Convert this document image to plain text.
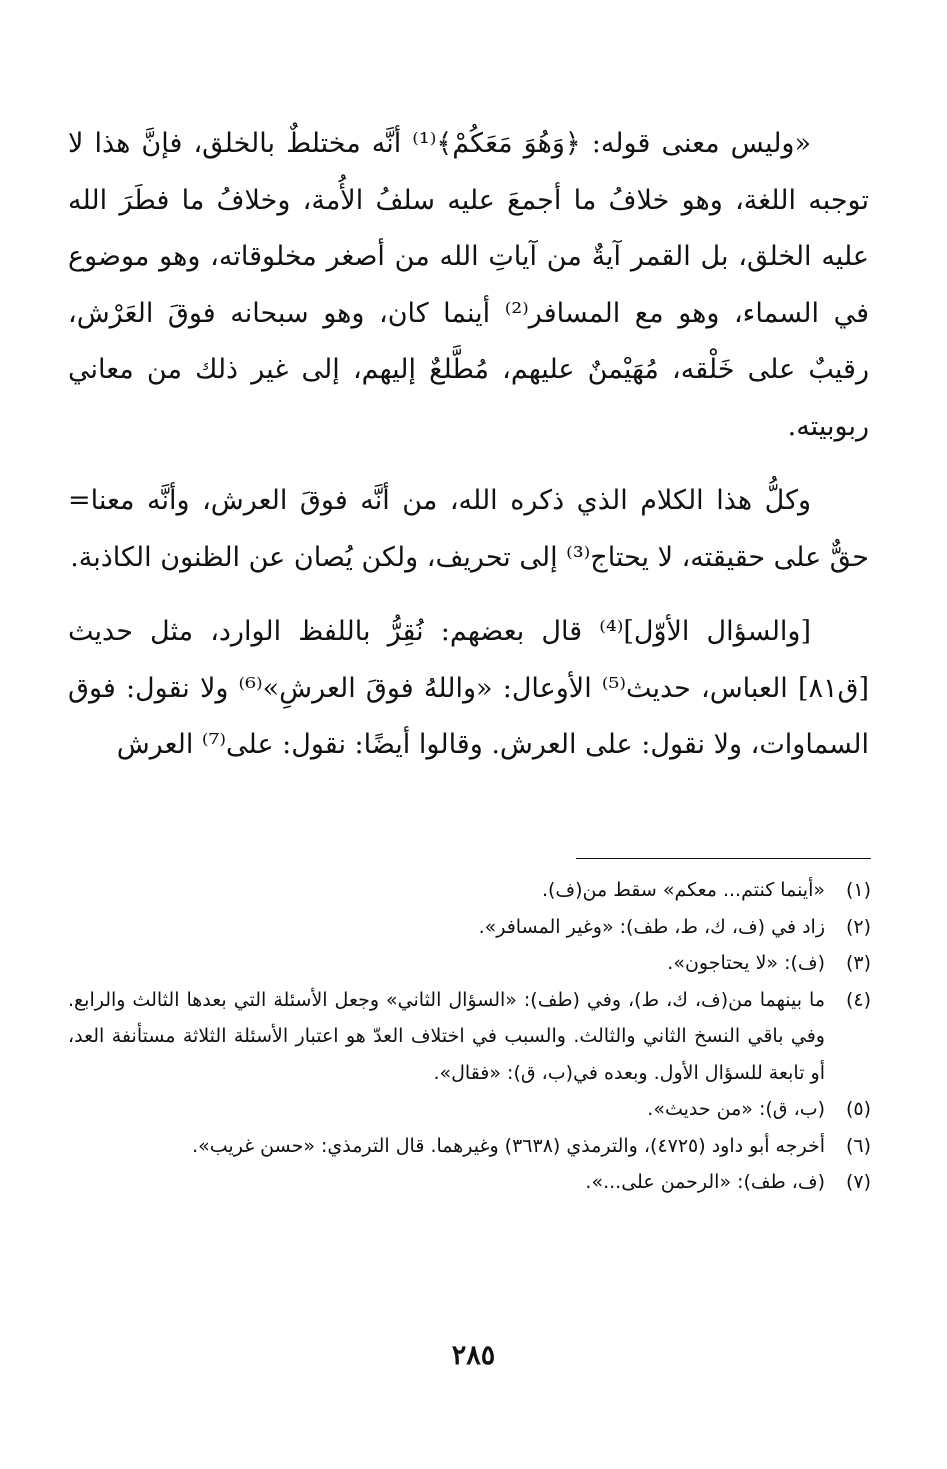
«وليس معنى قوله: ﴿وَهُوَ مَعَكُمْ﴾⁽¹⁾ أنَّه مختلطٌ بالخلق، فإنَّ هذا لا توجبه اللغة، وهو خلافُ ما أجمعَ عليه سلفُ الأُمة، وخلافُ ما فطَرَ الله عليه الخلق، بل القمر آيةٌ من آياتِ الله من أصغر مخلوقاته، وهو موضوع في السماء، وهو مع المسافر⁽²⁾ أينما كان، وهو سبحانه فوقَ العَرْش، رقيبٌ على خَلْقه، مُهَيْمنٌ عليهم، مُطَّلعٌ إليهم، إلى غير ذلك من معاني ربوبيته.

وكلُّ هذا الكلام الذي ذكره الله، من أنَّه فوقَ العرش، وأنَّه معنا= حقٌّ على حقيقته، لا يحتاج⁽³⁾ إلى تحريف، ولكن يُصان عن الظنون الكاذبة.

[والسؤال الأوّل]⁽⁴⁾ قال بعضهم: نُقِرُّ باللفظ الوارد، مثل حديث [ق٨١] العباس، حديث⁽⁵⁾ الأوعال: «واللهُ فوقَ العرشِ»⁽⁶⁾ ولا نقول: فوق السماوات، ولا نقول: على العرش. وقالوا أيضًا: نقول: على⁽⁷⁾ العرش

(١)
«أينما كنتم... معكم» سقط من(ف).
(٢)
زاد في (ف، ك، ط، طف): «وغير المسافر».
(٣)
(ف): «لا يحتاجون».
(٤)
ما بينهما من(ف، ك، ط)، وفي (طف): «السؤال الثاني» وجعل الأسئلة التي بعدها الثالث والرابع. وفي باقي النسخ الثاني والثالث. والسبب في اختلاف العدّ هو اعتبار الأسئلة الثلاثة مستأنفة العد، أو تابعة للسؤال الأول. وبعده في(ب، ق): «فقال».
(٥)
(ب، ق): «من حديث».
(٦)
أخرجه أبو داود (٤٧٢٥)، والترمذي (٣٦٣٨) وغيرهما. قال الترمذي: «حسن غريب».
(٧)
(ف، طف): «الرحمن على...».
٢٨٥
